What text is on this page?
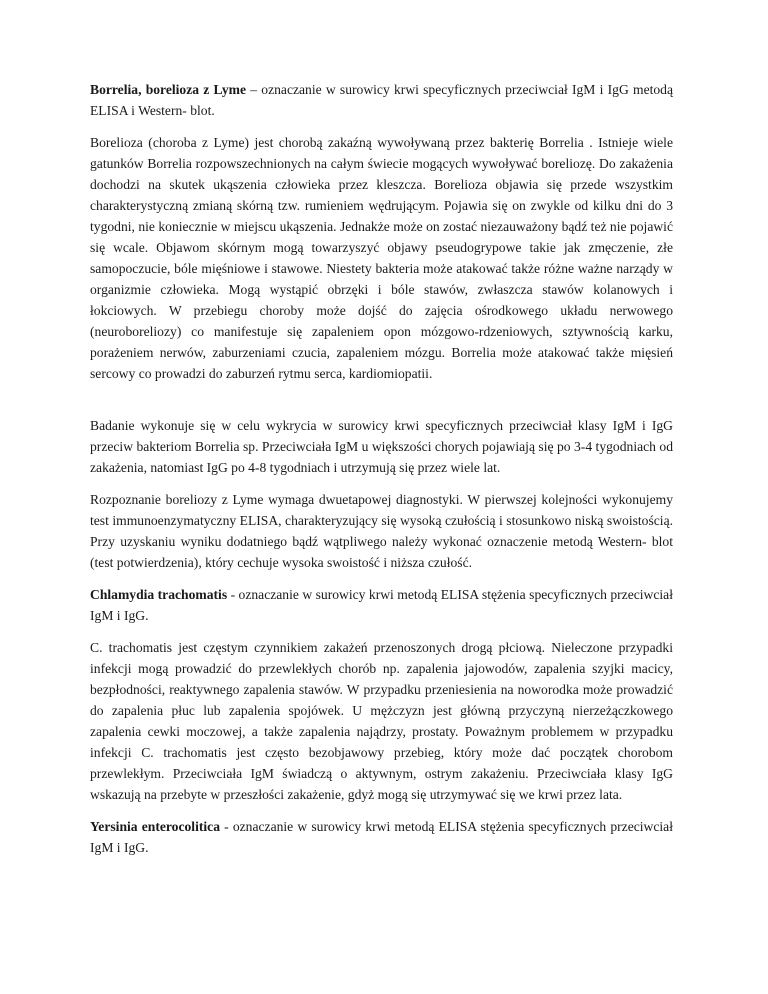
Borrelia, borelioza z Lyme – oznaczanie w surowicy krwi specyficznych przeciwciał IgM i IgG metodą ELISA i Western- blot.

Borelioza (choroba z Lyme) jest chorobą zakaźną wywoływaną przez bakterię Borrelia . Istnieje wiele gatunków Borrelia rozpowszechnionych na całym świecie mogących wywoływać boreliozę. Do zakażenia dochodzi na skutek ukąszenia człowieka przez kleszcza. Borelioza objawia się przede wszystkim charakterystyczną zmianą skórną tzw. rumieniem wędrującym. Pojawia się on zwykle od kilku dni do 3 tygodni, nie koniecznie w miejscu ukąszenia. Jednakże może on zostać niezauważony bądź też nie pojawić się wcale. Objawom skórnym mogą towarzyszyć objawy pseudogrypowe takie jak zmęczenie, złe samopoczucie, bóle mięśniowe i stawowe. Niestety bakteria może atakować także różne ważne narządy w organizmie człowieka. Mogą wystąpić obrzęki i bóle stawów, zwłaszcza stawów kolanowych i łokciowych. W przebiegu choroby może dojść do zajęcia ośrodkowego układu nerwowego (neuroboreliozy) co manifestuje się zapaleniem opon mózgowo-rdzeniowych, sztywnością karku, porażeniem nerwów, zaburzeniami czucia, zapaleniem mózgu. Borrelia może atakować także mięsień sercowy co prowadzi do zaburzeń rytmu serca, kardiomiopatii.

Badanie wykonuje się w celu wykrycia w surowicy krwi specyficznych przeciwciał klasy IgM i IgG przeciw bakteriom Borrelia sp. Przeciwciała IgM u większości chorych pojawiają się po 3-4 tygodniach od zakażenia, natomiast IgG po 4-8 tygodniach i utrzymują się przez wiele lat.

Rozpoznanie boreliozy z Lyme wymaga dwuetapowej diagnostyki. W pierwszej kolejności wykonujemy test immunoenzymatyczny ELISA, charakteryzujący się wysoką czułością i stosunkowo niską swoistością. Przy uzyskaniu wyniku dodatniego bądź wątpliwego należy wykonać oznaczenie metodą Western- blot (test potwierdzenia), który cechuje wysoka swoistość i niższa czułość.

Chlamydia trachomatis - oznaczanie w surowicy krwi metodą ELISA stężenia specyficznych przeciwciał IgM i IgG.

C. trachomatis jest częstym czynnikiem zakażeń przenoszonych drogą płciową. Nieleczone przypadki infekcji mogą prowadzić do przewlekłych chorób np. zapalenia jajowodów, zapalenia szyjki macicy, bezpłodności, reaktywnego zapalenia stawów. W przypadku przeniesienia na noworodka może prowadzić do zapalenia płuc lub zapalenia spojówek. U mężczyzn jest główną przyczyną nierzeżączkowego zapalenia cewki moczowej, a także zapalenia najądrzy, prostaty. Poważnym problemem w przypadku infekcji C. trachomatis jest często bezobjawowy przebieg, który może dać początek chorobom przewlekłym. Przeciwciała IgM świadczą o aktywnym, ostrym zakażeniu. Przeciwciała klasy IgG wskazują na przebyte w przeszłości zakażenie, gdyż mogą się utrzymywać się we krwi przez lata.

Yersinia enterocolitica - oznaczanie w surowicy krwi metodą ELISA stężenia specyficznych przeciwciał IgM i IgG.
